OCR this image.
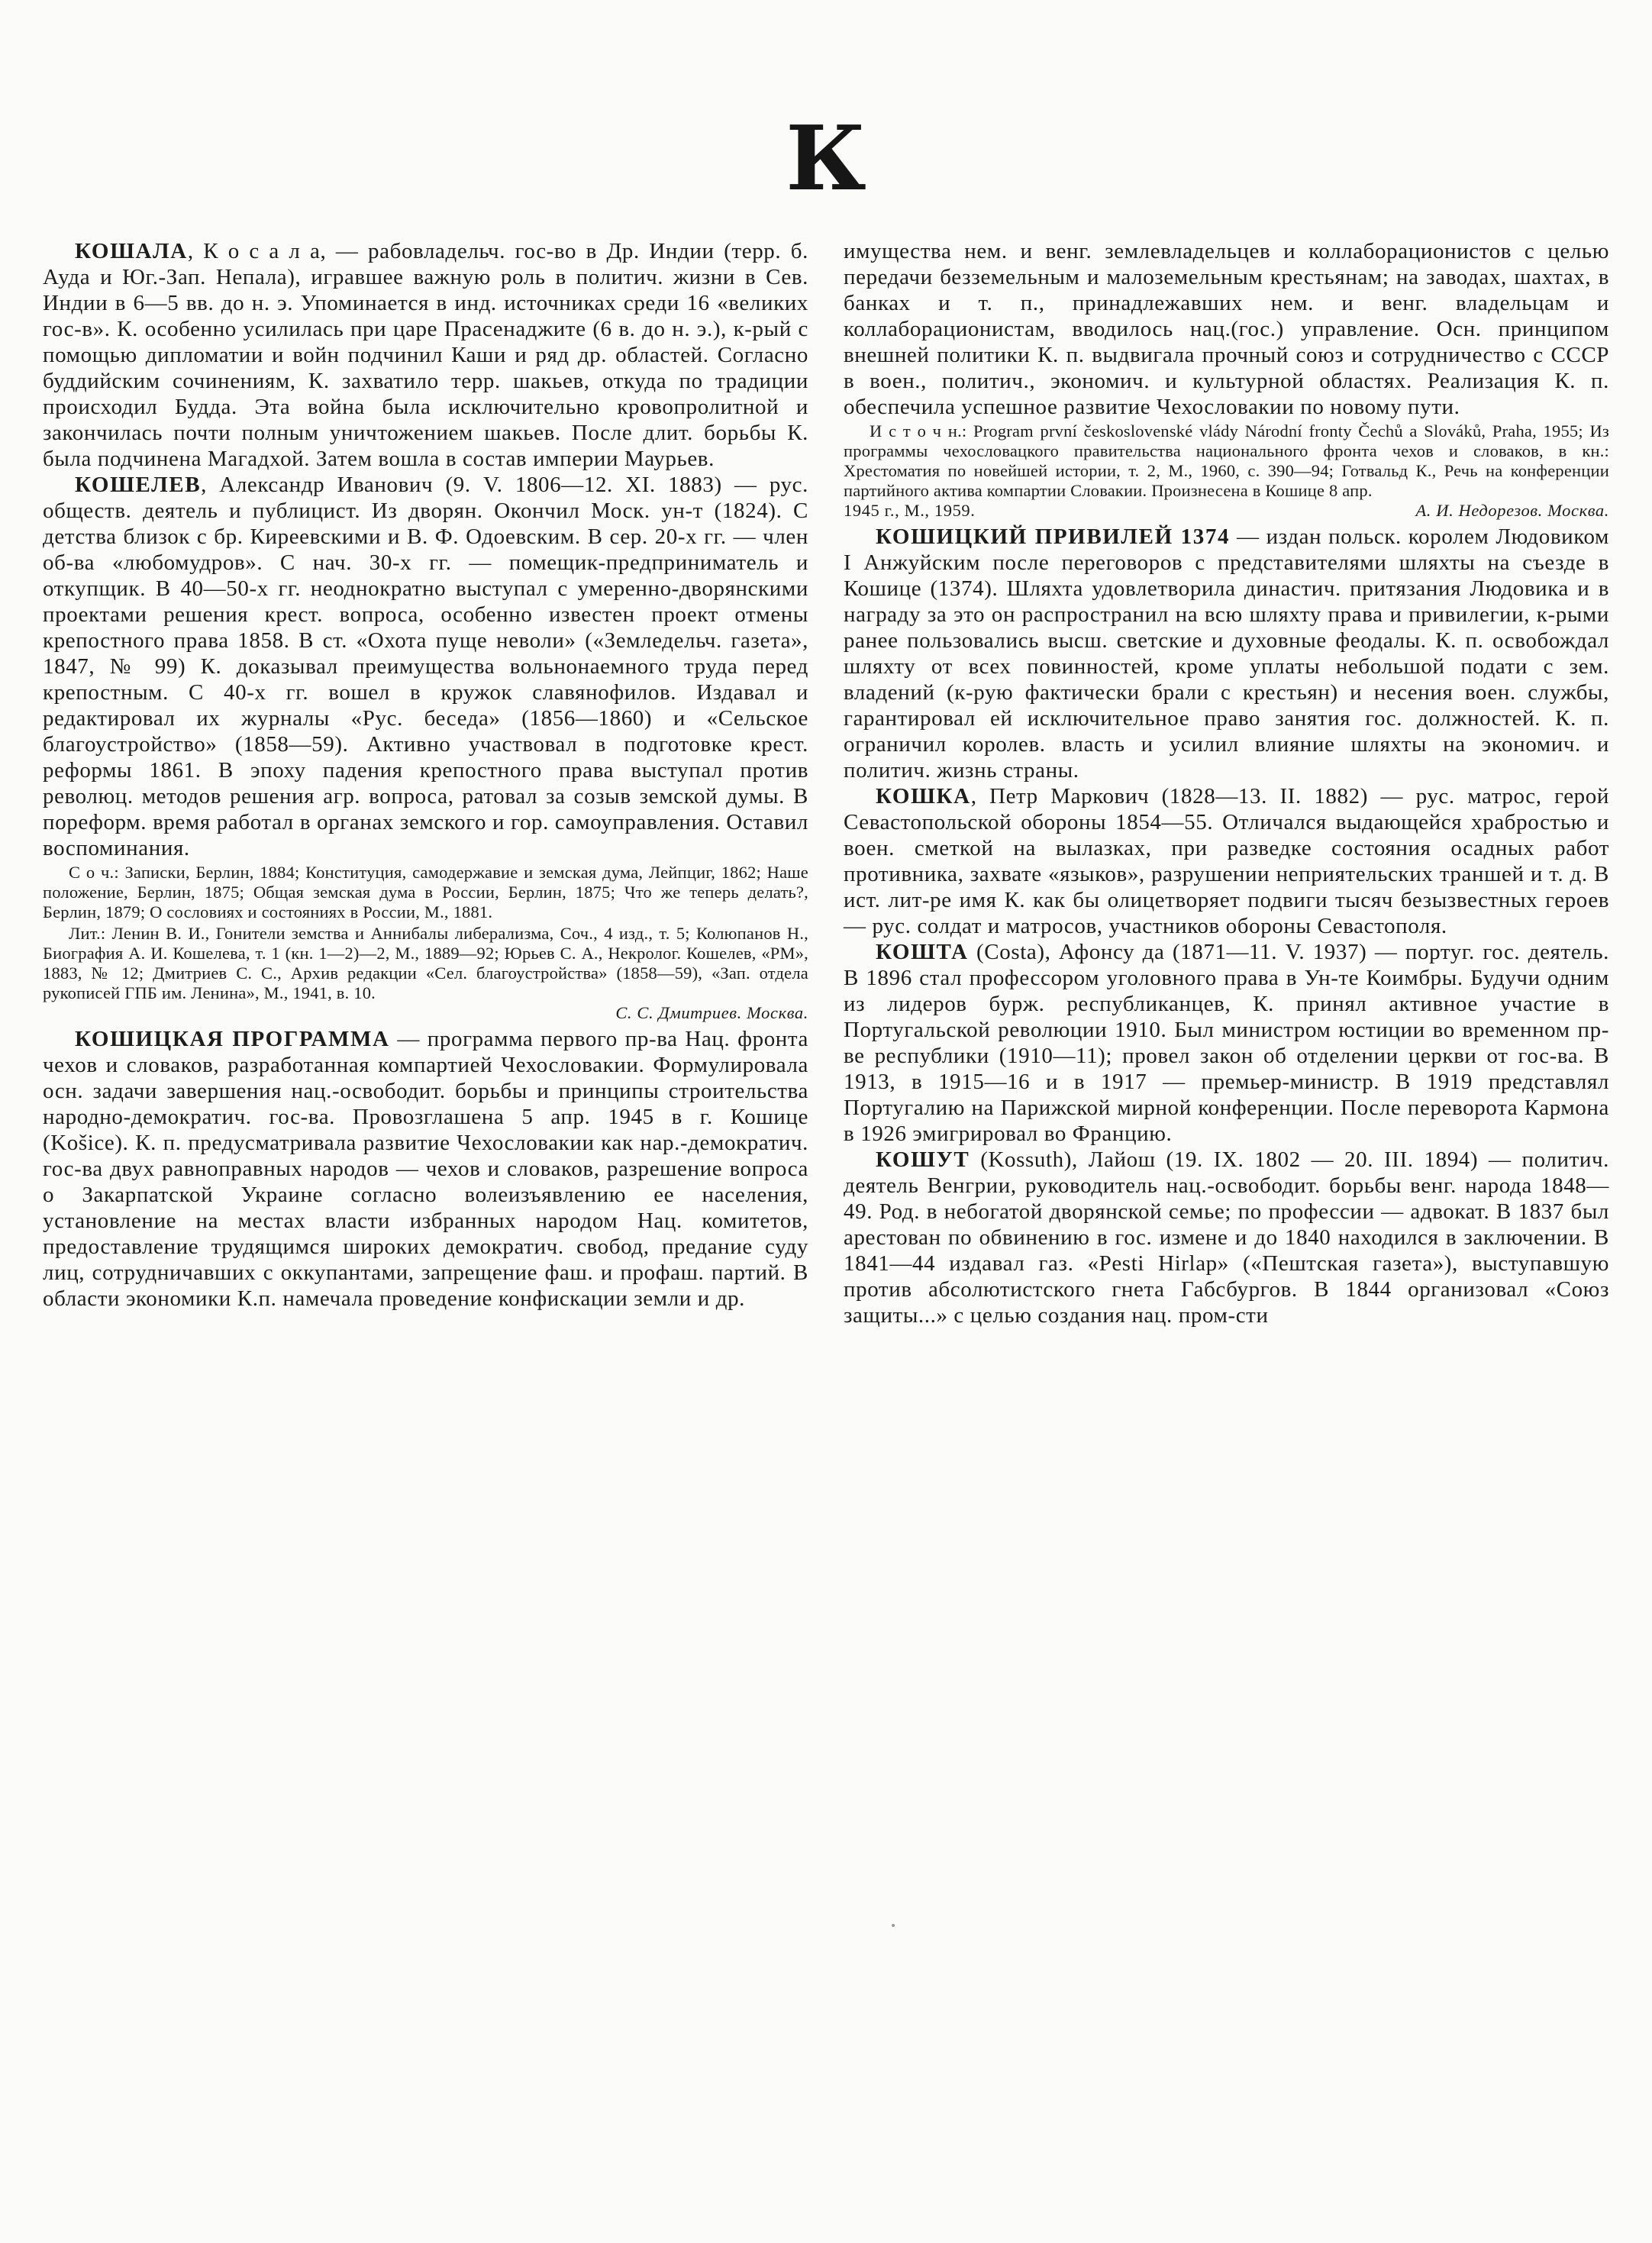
К

КОШАЛА, К о с а л а, — рабовладельч. гос-во в Др. Индии (терр. б. Ауда и Юг.-Зап. Непала), игравшее важную роль в политич. жизни в Сев. Индии в 6—5 вв. до н. э. Упоминается в инд. источниках среди 16 «великих гос-в». К. особенно усилилась при царе Прасенаджите (6 в. до н. э.), к-рый с помощью дипломатии и войн подчинил Каши и ряд др. областей. Согласно буддийским сочинениям, К. захватило терр. шакьев, откуда по традиции происходил Будда. Эта война была исключительно кровопролитной и закончилась почти полным уничтожением шакьев. После длит. борьбы К. была подчинена Магадхой. Затем вошла в состав империи Маурьев.

КОШЕЛЕВ, Александр Иванович (9. V. 1806—12. XI. 1883) — рус. обществ. деятель и публицист. Из дворян. Окончил Моск. ун-т (1824). С детства близок с бр. Киреевскими и В. Ф. Одоевским. В сер. 20-х гг. — член об-ва «любомудров». С нач. 30-х гг. — помещик-предприниматель и откупщик. В 40—50-х гг. неоднократно выступал с умеренно-дворянскими проектами решения крест. вопроса, особенно известен проект отмены крепостного права 1858. В ст. «Охота пуще неволи» («Земледельч. газета», 1847, № 99) К. доказывал преимущества вольнонаемного труда перед крепостным. С 40-х гг. вошел в кружок славянофилов. Издавал и редактировал их журналы «Рус. беседа» (1856—1860) и «Сельское благоустройство» (1858—59). Активно участвовал в подготовке крест. реформы 1861. В эпоху падения крепостного права выступал против революц. методов решения агр. вопроса, ратовал за созыв земской думы. В пореформ. время работал в органах земского и гор. самоуправления. Оставил воспоминания.

С о ч.: Записки, Берлин, 1884; Конституция, самодержавие и земская дума, Лейпциг, 1862; Наше положение, Берлин, 1875; Общая земская дума в России, Берлин, 1875; Что же теперь делать?, Берлин, 1879; О сословиях и состояниях в России, М., 1881.

Лит.: Ленин В. И., Гонители земства и Аннибалы либерализма, Соч., 4 изд., т. 5; Колюпанов Н., Биография А. И. Кошелева, т. 1 (кн. 1—2)—2, М., 1889—92; Юрьев С. А., Некролог. Кошелев, «РМ», 1883, № 12; Дмитриев С. С., Архив редакции «Сел. благоустройства» (1858—59), «Зап. отдела рукописей ГПБ им. Ленина», М., 1941, в. 10.

С. С. Дмитриев. Москва.

КОШИЦКАЯ ПРОГРАММА — программа первого пр-ва Нац. фронта чехов и словаков, разработанная компартией Чехословакии. Формулировала осн. задачи завершения нац.-освободит. борьбы и принципы строительства народно-демократич. гос-ва. Провозглашена 5 апр. 1945 в г. Кошице (Košice). К. п. предусматривала развитие Чехословакии как нар.-демократич. гос-ва двух равноправных народов — чехов и словаков, разрешение вопроса о Закарпатской Украине согласно волеизъявлению ее населения, установление на местах власти избранных народом Нац. комитетов, предоставление трудящимся широких демократич. свобод, предание суду лиц, сотрудничавших с оккупантами, запрещение фаш. и профаш. партий. В области экономики К.п. намечала проведение конфискации земли и др.

имущества нем. и венг. землевладельцев и коллаборационистов с целью передачи безземельным и малоземельным крестьянам; на заводах, шахтах, в банках и т. п., принадлежавших нем. и венг. владельцам и коллаборационистам, вводилось нац.(гос.) управление. Осн. принципом внешней политики К. п. выдвигала прочный союз и сотрудничество с СССР в воен., политич., экономич. и культурной областях. Реализация К. п. обеспечила успешное развитие Чехословакии по новому пути.

И с т о ч н.: Program první československé vlády Národní fronty Čechů a Slováků, Praha, 1955; Из программы чехословацкого правительства национального фронта чехов и словаков, в кн.: Хрестоматия по новейшей истории, т. 2, М., 1960, с. 390—94; Готвальд К., Речь на конференции партийного актива компартии Словакии. Произнесена в Кошице 8 апр.

1945 г., М., 1959.	А. И. Недорезов. Москва.

КОШИЦКИЙ ПРИВИЛЕЙ 1374 — издан польск. королем Людовиком I Анжуйским после переговоров с представителями шляхты на съезде в Кошице (1374). Шляхта удовлетворила династич. притязания Людовика и в награду за это он распространил на всю шляхту права и привилегии, к-рыми ранее пользовались высш. светские и духовные феодалы. К. п. освобождал шляхту от всех повинностей, кроме уплаты небольшой подати с зем. владений (к-рую фактически брали с крестьян) и несения воен. службы, гарантировал ей исключительное право занятия гос. должностей. К. п. ограничил королев. власть и усилил влияние шляхты на экономич. и политич. жизнь страны.

КОШКА, Петр Маркович (1828—13. II. 1882) — рус. матрос, герой Севастопольской обороны 1854—55. Отличался выдающейся храбростью и воен. сметкой на вылазках, при разведке состояния осадных работ противника, захвате «языков», разрушении неприятельских траншей и т. д. В ист. лит-ре имя К. как бы олицетворяет подвиги тысяч безызвестных героев — рус. солдат и матросов, участников обороны Севастополя.

КОШТА (Costa), Афонсу да (1871—11. V. 1937) — португ. гос. деятель. В 1896 стал профессором уголовного права в Ун-те Коимбры. Будучи одним из лидеров бурж. республиканцев, К. принял активное участие в Португальской революции 1910. Был министром юстиции во временном пр-ве республики (1910—11); провел закон об отделении церкви от гос-ва. В 1913, в 1915—16 и в 1917 — премьер-министр. В 1919 представлял Португалию на Парижской мирной конференции. После переворота Кармона в 1926 эмигрировал во Францию.

КОШУТ (Kossuth), Лайош (19. IX. 1802 — 20. III. 1894) — политич. деятель Венгрии, руководитель нац.-освободит. борьбы венг. народа 1848—49. Род. в небогатой дворянской семье; по профессии — адвокат. В 1837 был арестован по обвинению в гос. измене и до 1840 находился в заключении. В 1841—44 издавал газ. «Pesti Hirlap» («Пештская газета»), выступавшую против абсолютистского гнета Габсбургов. В 1844 организовал «Союз защиты...» с целью создания нац. пром-сти
